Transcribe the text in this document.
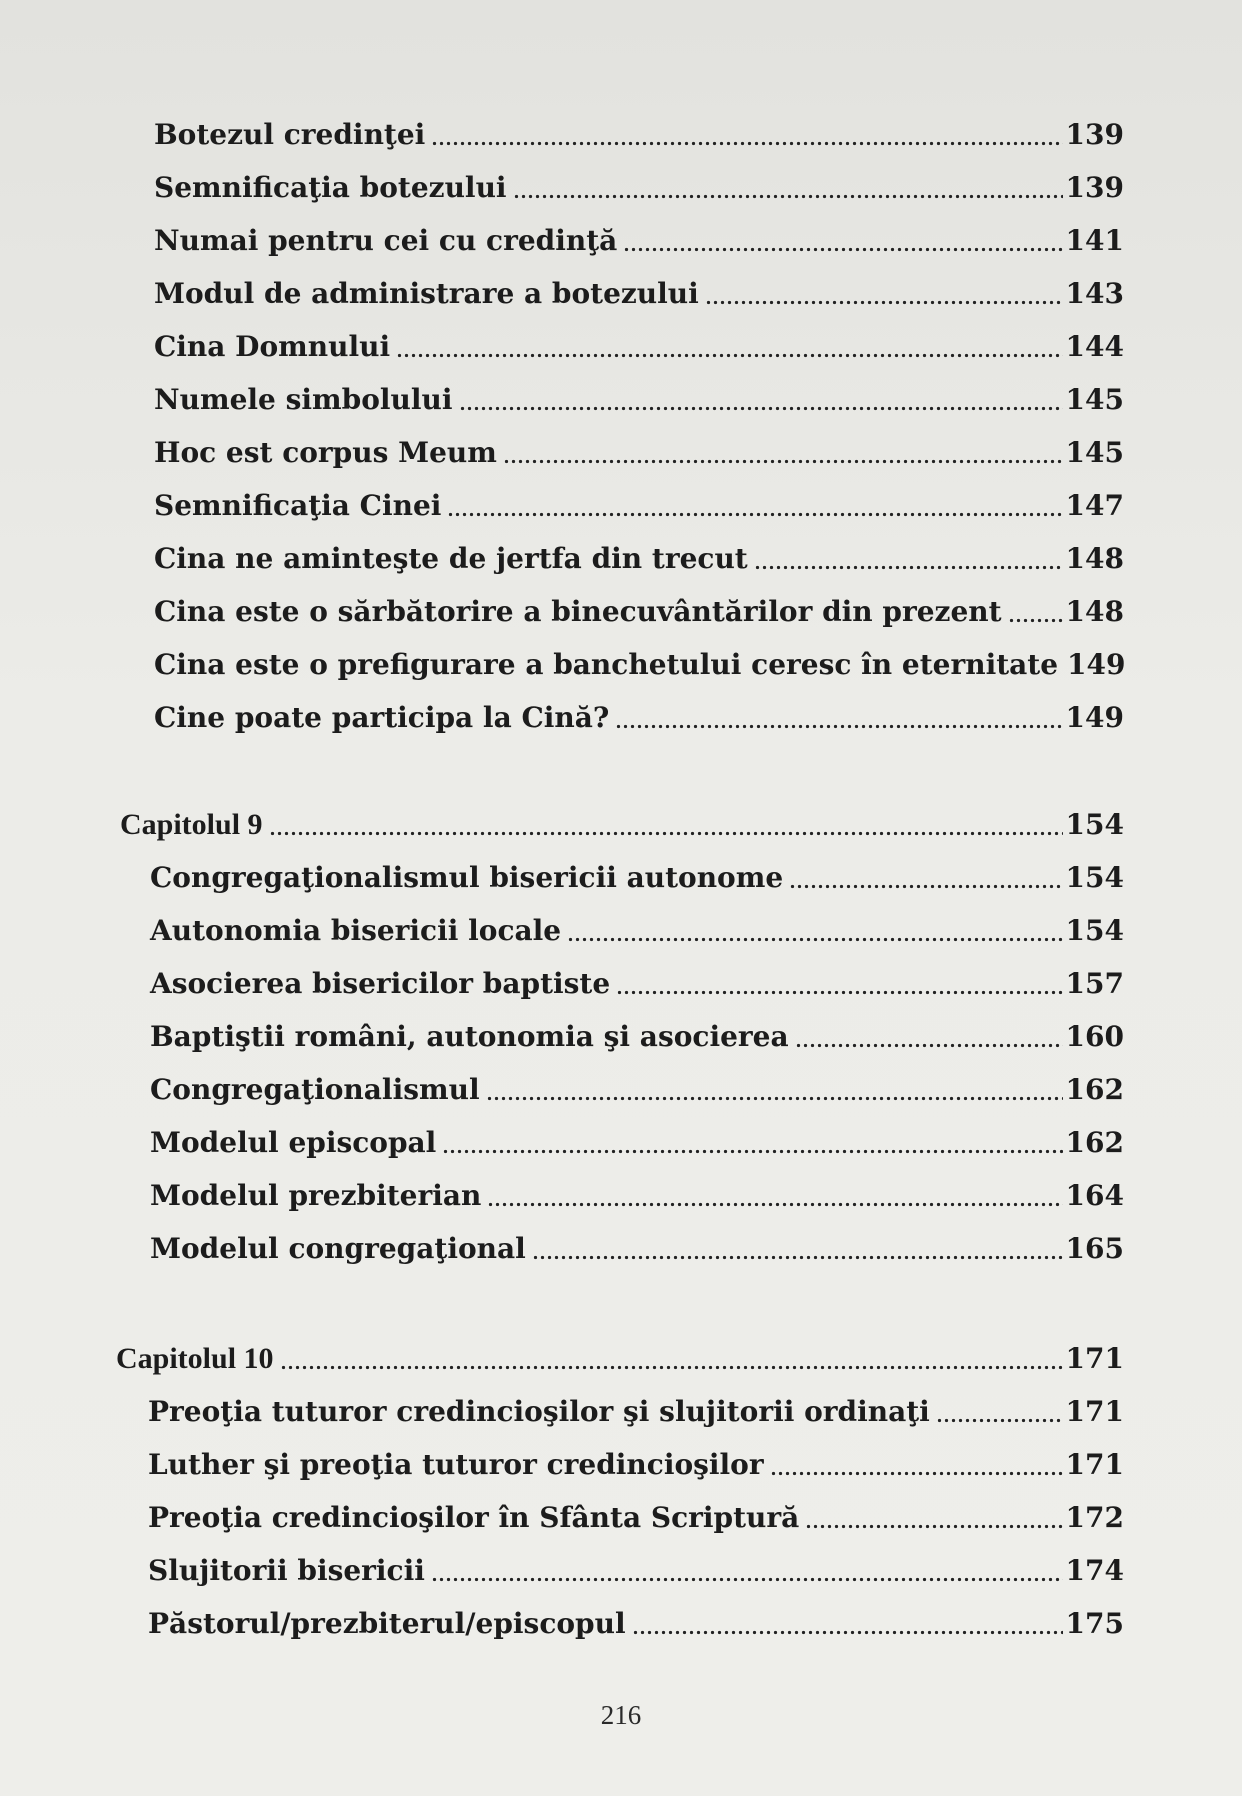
Botezul credinţei	139
Semnificaţia botezului	139
Numai pentru cei cu credinţă	141
Modul de administrare a botezului	143
Cina Domnului	144
Numele simbolului	145
Hoc est corpus Meum	145
Semnificaţia Cinei	147
Cina ne aminteşte de jertfa din trecut	148
Cina este o sărbătorire a binecuvântărilor din prezent 148
Cina este o prefigurare a banchetului ceresc în eternitate 149
Cine poate participa la Cină?	149
Capitolul 9	154
Congregaţionalismul bisericii autonome	154
Autonomia bisericii locale	154
Asocierea bisericilor baptiste	157
Baptiştii români, autonomia şi asocierea	160
Congregaţionalismul	162
Modelul episcopal	162
Modelul prezbiterian	164
Modelul congregaţional	165
Capitolul 10	171
Preoţia tuturor credincioşilor şi slujitorii ordinaţi	171
Luther şi preoţia tuturor credincioşilor	171
Preoţia credincioşilor în Sfânta Scriptură	172
Slujitorii bisericii	174
Păstorul/prezbiterul/episcopul	175
216
